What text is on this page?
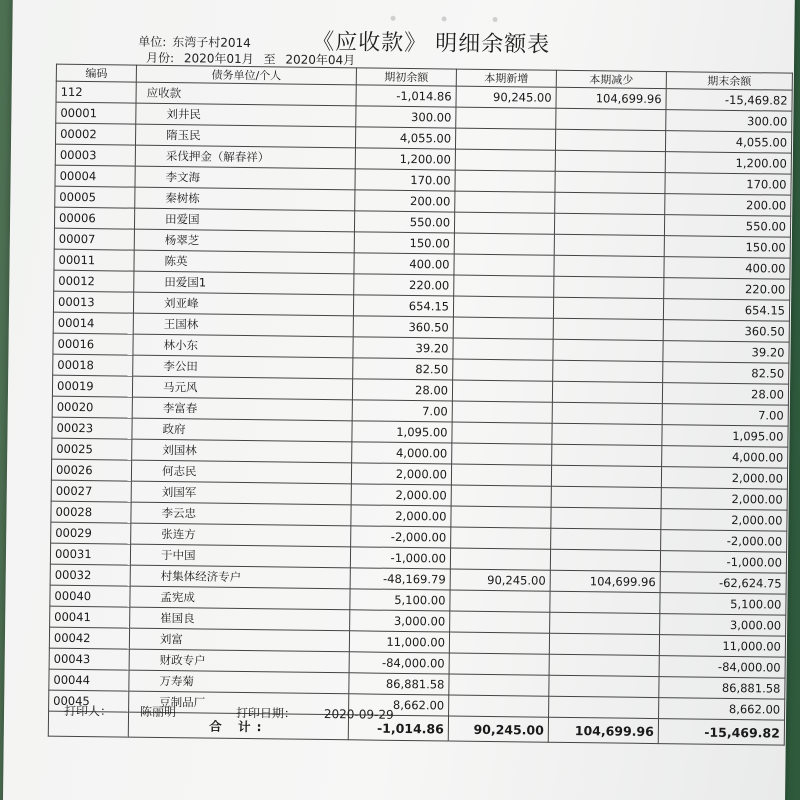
《应收款》 明细余额表
单位: 东湾子村2014
月份: 2020年01月 至 2020年04月
编码	债务单位/个人	期初余额	本期新增	本期减少	期末余额
112	应收款	-1,014.86	90,245.00	104,699.96	-15,469.82
00001	刘井民	300.00			300.00
00002	隋玉民	4,055.00			4,055.00
00003	采伐押金（解春祥）	1,200.00			1,200.00
00004	李文海	170.00			170.00
00005	秦树栋	200.00			200.00
00006	田爱国	550.00			550.00
00007	杨翠芝	150.00			150.00
00011	陈英	400.00			400.00
00012	田爱国1	220.00			220.00
00013	刘亚峰	654.15			654.15
00014	王国林	360.50			360.50
00016	林小东	39.20			39.20
00018	李公田	82.50			82.50
00019	马元风	28.00			28.00
00020	李富春	7.00			7.00
00023	政府	1,095.00			1,095.00
00025	刘国林	4,000.00			4,000.00
00026	何志民	2,000.00			2,000.00
00027	刘国军	2,000.00			2,000.00
00028	李云忠	2,000.00			2,000.00
00029	张连方	-2,000.00			-2,000.00
00031	于中国	-1,000.00			-1,000.00
00032	村集体经济专户	-48,169.79	90,245.00	104,699.96	-62,624.75
00040	孟宪成	5,100.00			5,100.00
00041	崔国良	3,000.00			3,000.00
00042	刘富	11,000.00			11,000.00
00043	财政专户	-84,000.00			-84,000.00
00044	万寿菊	86,881.58			86,881.58
00045	豆制品厂	8,662.00			8,662.00
	合 计:	-1,014.86	90,245.00	104,699.96	-15,469.82
打印人： 陈丽明	打印日期： 2020-09-29
